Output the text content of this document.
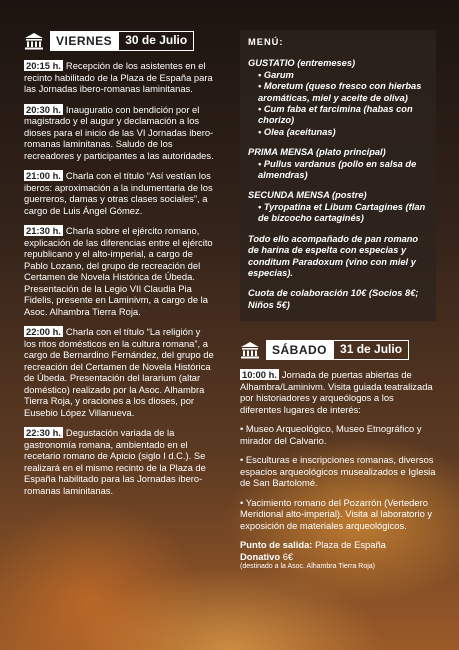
VIERNES	30 de Julio

20:15 h. Recepción de los asistentes en el recinto habilitado de la Plaza de España para las Jornadas ibero-romanas laminitanas.

20:30 h. Inauguratio con bendición por el magistrado y el augur y declamación a los dioses para el inicio de las VI Jornadas ibero-romanas laminitanas. Saludo de los recreadores y participantes a las autoridades.

21:00 h. Charla con el título “Así vestían los iberos: aproximación a la indumentaria de los guerreros, damas y otras clases sociales”, a cargo de Luis Ángel Gómez.

21:30 h. Charla sobre el ejército romano, explicación de las diferencias entre el ejército republicano y el alto-imperial, a cargo de Pablo Lozano, del grupo de recreación del Certamen de Novela Histórica de Úbeda. Presentación de la Legio VII Claudia Pia Fidelis, presente en Laminivm, a cargo de la Asoc. Alhambra Tierra Roja.

22:00 h. Charla con el título “La religión y los ritos domésticos en la cultura romana”, a cargo de Bernardino Fernández, del grupo de recreación del Certamen de Novela Histórica de Úbeda. Presentación del lararium (altar doméstico) realizado por la Asoc. Alhambra Tierra Roja, y oraciones a los dioses, por Eusebio López Villanueva.

22:30 h. Degustación variada de la gastronomía romana, ambientado en el recetario romano de Apicio (siglo I d.C.). Se realizará en el mismo recinto de la Plaza de España habilitado para las Jornadas ibero-romanas laminitanas.

MENÚ:
GUSTATIO (entremeses)
• Garum
• Moretum (queso fresco con hierbas aromáticas, miel y aceite de oliva)
• Cum faba et farcimina (habas con chorizo)
• Olea (aceitunas)
PRIMA MENSA (plato principal)
• Pullus vardanus (pollo en salsa de almendras)
SECUNDA MENSA (postre)
• Tyropatina et Libum Cartagines (flan de bizcocho cartaginés)
Todo ello acompañado de pan romano de harina de espelta con especias y conditum Paradoxum (vino con miel y especias).
Cuota de colaboración 10€ (Socios 8€; Niños 5€)
SÁBADO	31 de Julio

10:00 h. Jornada de puertas abiertas de Alhambra/Laminivm. Visita guiada teatralizada por historiadores y arqueólogos a los diferentes lugares de interés:

• Museo Arqueológico, Museo Etnográfico y mirador del Calvario.

• Esculturas e inscripciones romanas, diversos espacios arqueológicos musealizados e Iglesia de San Bartolomé.

• Yacimiento romano del Pozarrón (Vertedero Meridional alto-imperial). Visita al laboratorio y exposición de materiales arqueológicos.

Punto de salida: Plaza de España
Donativo 6€
(destinado a la Asoc. Alhambra Tierra Roja)
